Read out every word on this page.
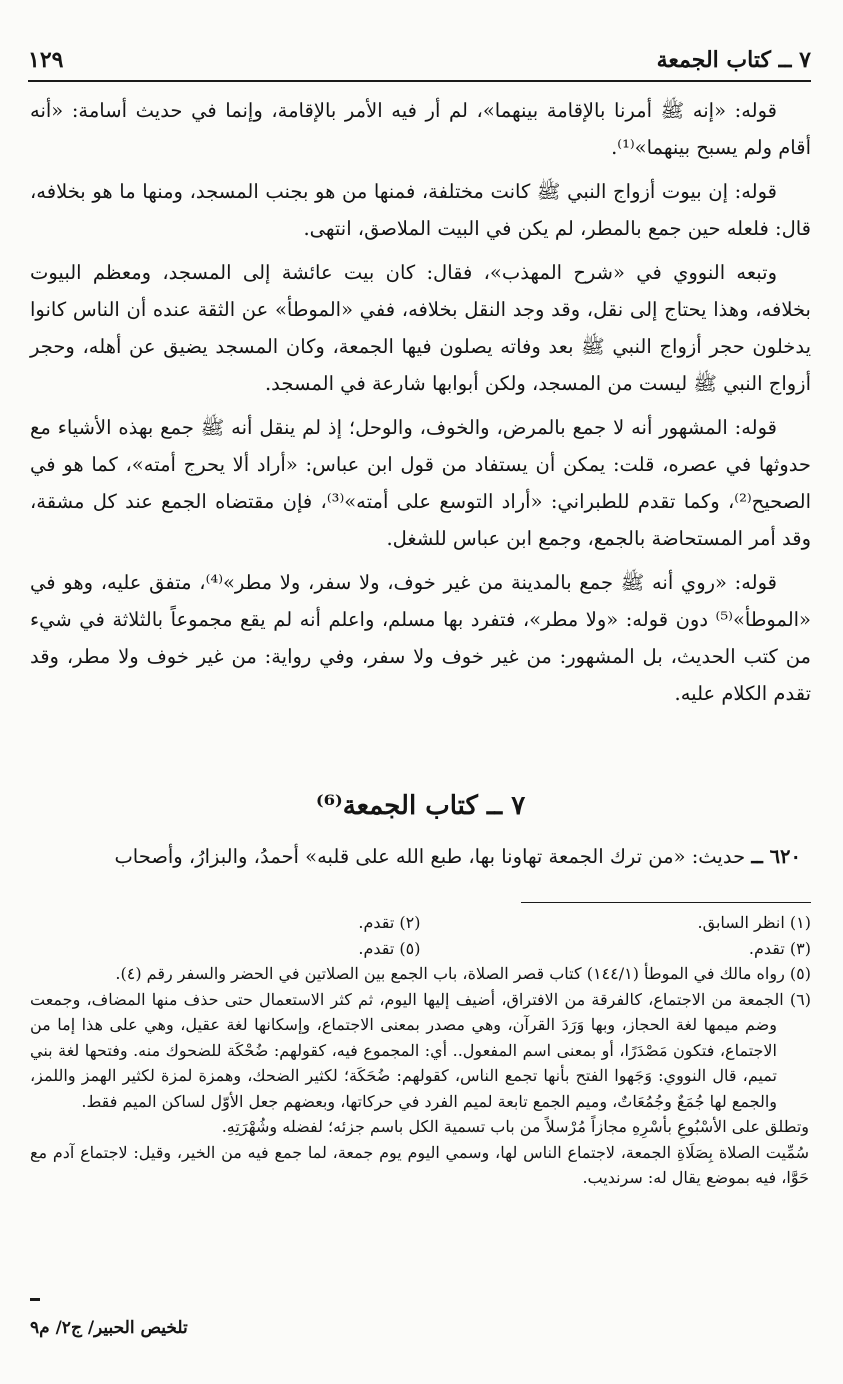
٧ ــ كتاب الجمعة
١٢٩

قوله: «إنه ﷺ أمرنا بالإقامة بينهما»، لم أر فيه الأمر بالإقامة، وإنما في حديث أسامة: «أنه أقام ولم يسبح بينهما»⁽¹⁾.

قوله: إن بيوت أزواج النبي ﷺ كانت مختلفة، فمنها من هو بجنب المسجد، ومنها ما هو بخلافه، قال: فلعله حين جمع بالمطر، لم يكن في البيت الملاصق، انتهى.

وتبعه النووي في «شرح المهذب»، فقال: كان بيت عائشة إلى المسجد، ومعظم البيوت بخلافه، وهذا يحتاج إلى نقل، وقد وجد النقل بخلافه، ففي «الموطأ» عن الثقة عنده أن الناس كانوا يدخلون حجر أزواج النبي ﷺ بعد وفاته يصلون فيها الجمعة، وكان المسجد يضيق عن أهله، وحجر أزواج النبي ﷺ ليست من المسجد، ولكن أبوابها شارعة في المسجد.

قوله: المشهور أنه لا جمع بالمرض، والخوف، والوحل؛ إذ لم ينقل أنه ﷺ جمع بهذه الأشياء مع حدوثها في عصره، قلت: يمكن أن يستفاد من قول ابن عباس: «أراد ألا يحرج أمته»، كما هو في الصحيح⁽²⁾، وكما تقدم للطبراني: «أراد التوسع على أمته»⁽³⁾، فإن مقتضاه الجمع عند كل مشقة، وقد أمر المستحاضة بالجمع، وجمع ابن عباس للشغل.

قوله: «روي أنه ﷺ جمع بالمدينة من غير خوف، ولا سفر، ولا مطر»⁽⁴⁾، متفق عليه، وهو في «الموطأ»⁽⁵⁾ دون قوله: «ولا مطر»، فتفرد بها مسلم، واعلم أنه لم يقع مجموعاً بالثلاثة في شيء من كتب الحديث، بل المشهور: من غير خوف ولا سفر، وفي رواية: من غير خوف ولا مطر، وقد تقدم الكلام عليه.

٧ ــ كتاب الجمعة⁽⁶⁾
٦٢٠ ــ حديث: «من ترك الجمعة تهاونا بها، طبع الله على قلبه» أحمدُ، والبزارُ، وأصحاب
(١) انظر السابق.
(٢) تقدم.
(٣) تقدم.
(٥) تقدم.

(٥) رواه مالك في الموطأ (١٤٤/١) كتاب قصر الصلاة، باب الجمع بين الصلاتين في الحضر والسفر رقم (٤).

(٦) الجمعة من الاجتماع، كالفرقة من الافتراق، أضيف إليها اليوم، ثم كثر الاستعمال حتى حذف منها المضاف، وجمعت وضم ميمها لغة الحجاز، وبها وَرَدَ القرآن، وهي مصدر بمعنى الاجتماع، وإسكانها لغة عقيل، وهي على هذا إما من الاجتماع، فتكون مَصْدَرًا، أو بمعنى اسم المفعول.. أي: المجموع فيه، كقولهم: ضُحْكَة للضحوك منه. وفتحها لغة بني تميم، قال النووي: وَجَهوا الفتح بأنها تجمع الناس، كقولهم: ضُحَكَة؛ لكثير الضحك، وهمزة لمزة لكثير الهمز واللمز، والجمع لها جُمَعٌ وجُمُعَاتٌ، وميم الجمع تابعة لميم الفرد في حركاتها، وبعضهم جعل الأوّل لساكن الميم فقط.

وتطلق على الأسْبُوعِ بأسْرِهِ مجازاً مُرْسلاً من باب تسمية الكل باسم جزئه؛ لفضله وشُهْرَتِهِ.

سُمِّيت الصلاة بِصَلَاةِ الجمعة، لاجتماع الناس لها، وسمي اليوم يوم جمعة، لما جمع فيه من الخير، وقيل: لاجتماع آدم مع حَوَّا، فيه بموضع يقال له: سرنديب.

تلخيص الحبير/ ج٢/ م٩
